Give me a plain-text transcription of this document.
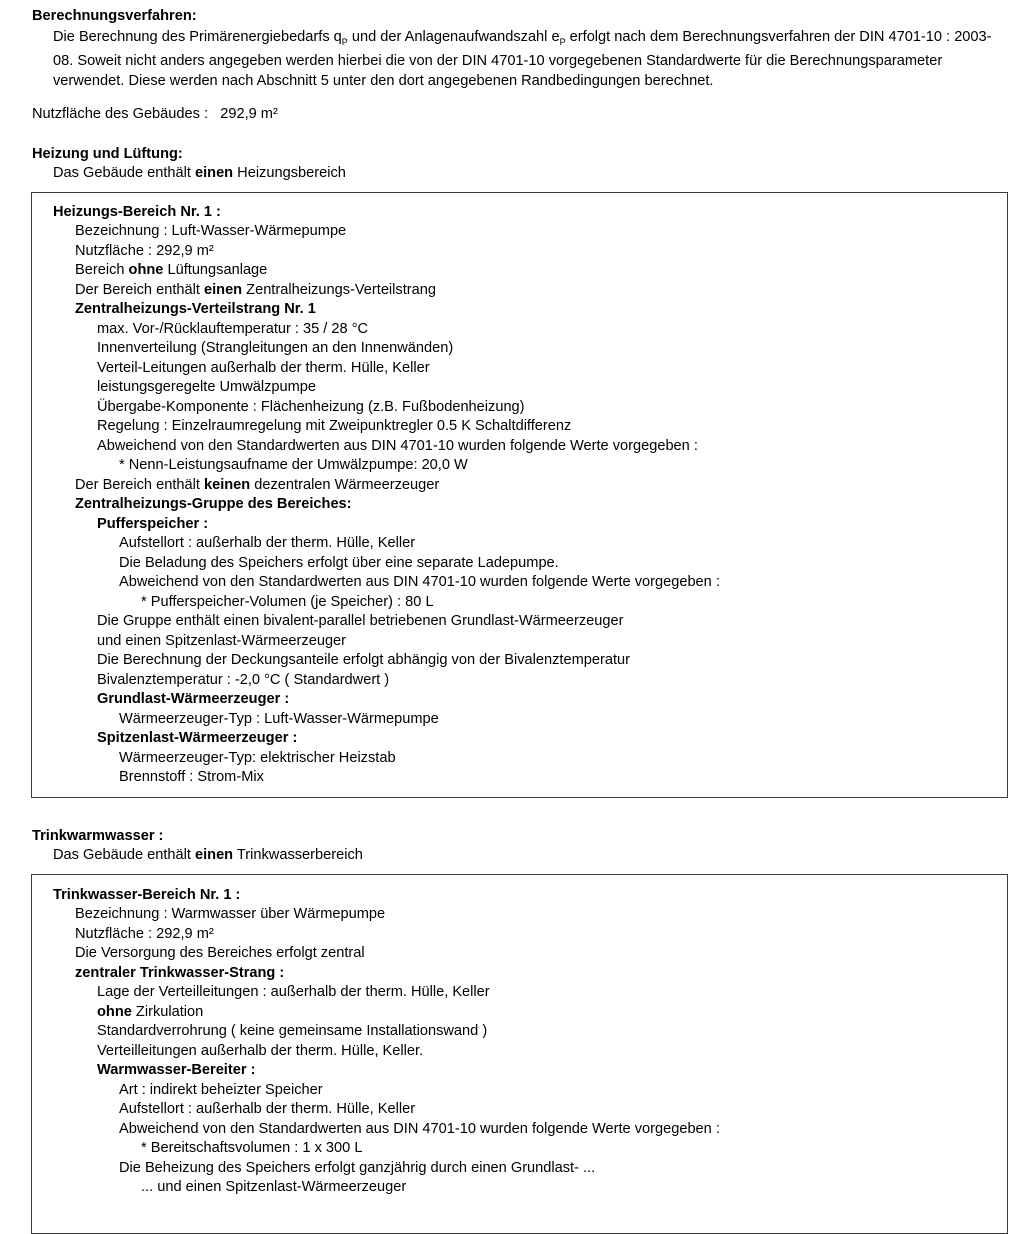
Berechnungsverfahren:
Die Berechnung des Primärenergiebedarfs $q_P$ und der Anlagenaufwandszahl $e_P$ erfolgt nach dem Berechnungsverfahren der DIN 4701-10 : 2003-08. Soweit nicht anders angegeben werden hierbei die von der DIN 4701-10 vorgegebenen Standardwerte für die Berechnungsparameter verwendet. Diese werden nach Abschnitt 5 unter den dort angegebenen Randbedingungen berechnet.
Nutzfläche des Gebäudes : 292,9 m²
Heizung und Lüftung:
Das Gebäude enthält einen Heizungsbereich
Heizungs-Bereich Nr. 1 :
Bezeichnung : Luft-Wasser-Wärmepumpe
Nutzfläche : 292,9 m²
Bereich ohne Lüftungsanlage
Der Bereich enthält einen Zentralheizungs-Verteilstrang
Zentralheizungs-Verteilstrang Nr. 1
max. Vor-/Rücklauftemperatur : 35 / 28 °C
Innenverteilung (Strangleitungen an den Innenwänden)
Verteil-Leitungen außerhalb der therm. Hülle, Keller
leistungsgeregelte Umwälzpumpe
Übergabe-Komponente : Flächenheizung (z.B. Fußbodenheizung)
Regelung : Einzelraumregelung mit Zweipunktregler 0.5 K Schaltdifferenz
Abweichend von den Standardwerten aus DIN 4701-10 wurden folgende Werte vorgegeben :
* Nenn-Leistungsaufname der Umwälzpumpe: 20,0 W
Der Bereich enthält keinen dezentralen Wärmeerzeuger
Zentralheizungs-Gruppe des Bereiches:
Pufferspeicher :
Aufstellort : außerhalb der therm. Hülle, Keller
Die Beladung des Speichers erfolgt über eine separate Ladepumpe.
Abweichend von den Standardwerten aus DIN 4701-10 wurden folgende Werte vorgegeben :
* Pufferspeicher-Volumen (je Speicher) : 80 L
Die Gruppe enthält einen bivalent-parallel betriebenen Grundlast-Wärmeerzeuger
und einen Spitzenlast-Wärmeerzeuger
Die Berechnung der Deckungsanteile erfolgt abhängig von der Bivalenztemperatur
Bivalenztemperatur : -2,0 °C ( Standardwert )
Grundlast-Wärmeerzeuger :
Wärmeerzeuger-Typ : Luft-Wasser-Wärmepumpe
Spitzenlast-Wärmeerzeuger :
Wärmeerzeuger-Typ: elektrischer Heizstab
Brennstoff : Strom-Mix
Trinkwarmwasser :
Das Gebäude enthält einen Trinkwasserbereich
Trinkwasser-Bereich Nr. 1 :
Bezeichnung : Warmwasser über Wärmepumpe
Nutzfläche : 292,9 m²
Die Versorgung des Bereiches erfolgt zentral
zentraler Trinkwasser-Strang :
Lage der Verteilleitungen : außerhalb der therm. Hülle, Keller
ohne Zirkulation
Standardverrohrung ( keine gemeinsame Installationswand )
Verteilleitungen außerhalb der therm. Hülle, Keller.
Warmwasser-Bereiter :
Art : indirekt beheizter Speicher
Aufstellort : außerhalb der therm. Hülle, Keller
Abweichend von den Standardwerten aus DIN 4701-10 wurden folgende Werte vorgegeben :
* Bereitschaftsvolumen : 1 x 300 L
Die Beheizung des Speichers erfolgt ganzjährig durch einen Grundlast- ...
... und einen Spitzenlast-Wärmeerzeuger
